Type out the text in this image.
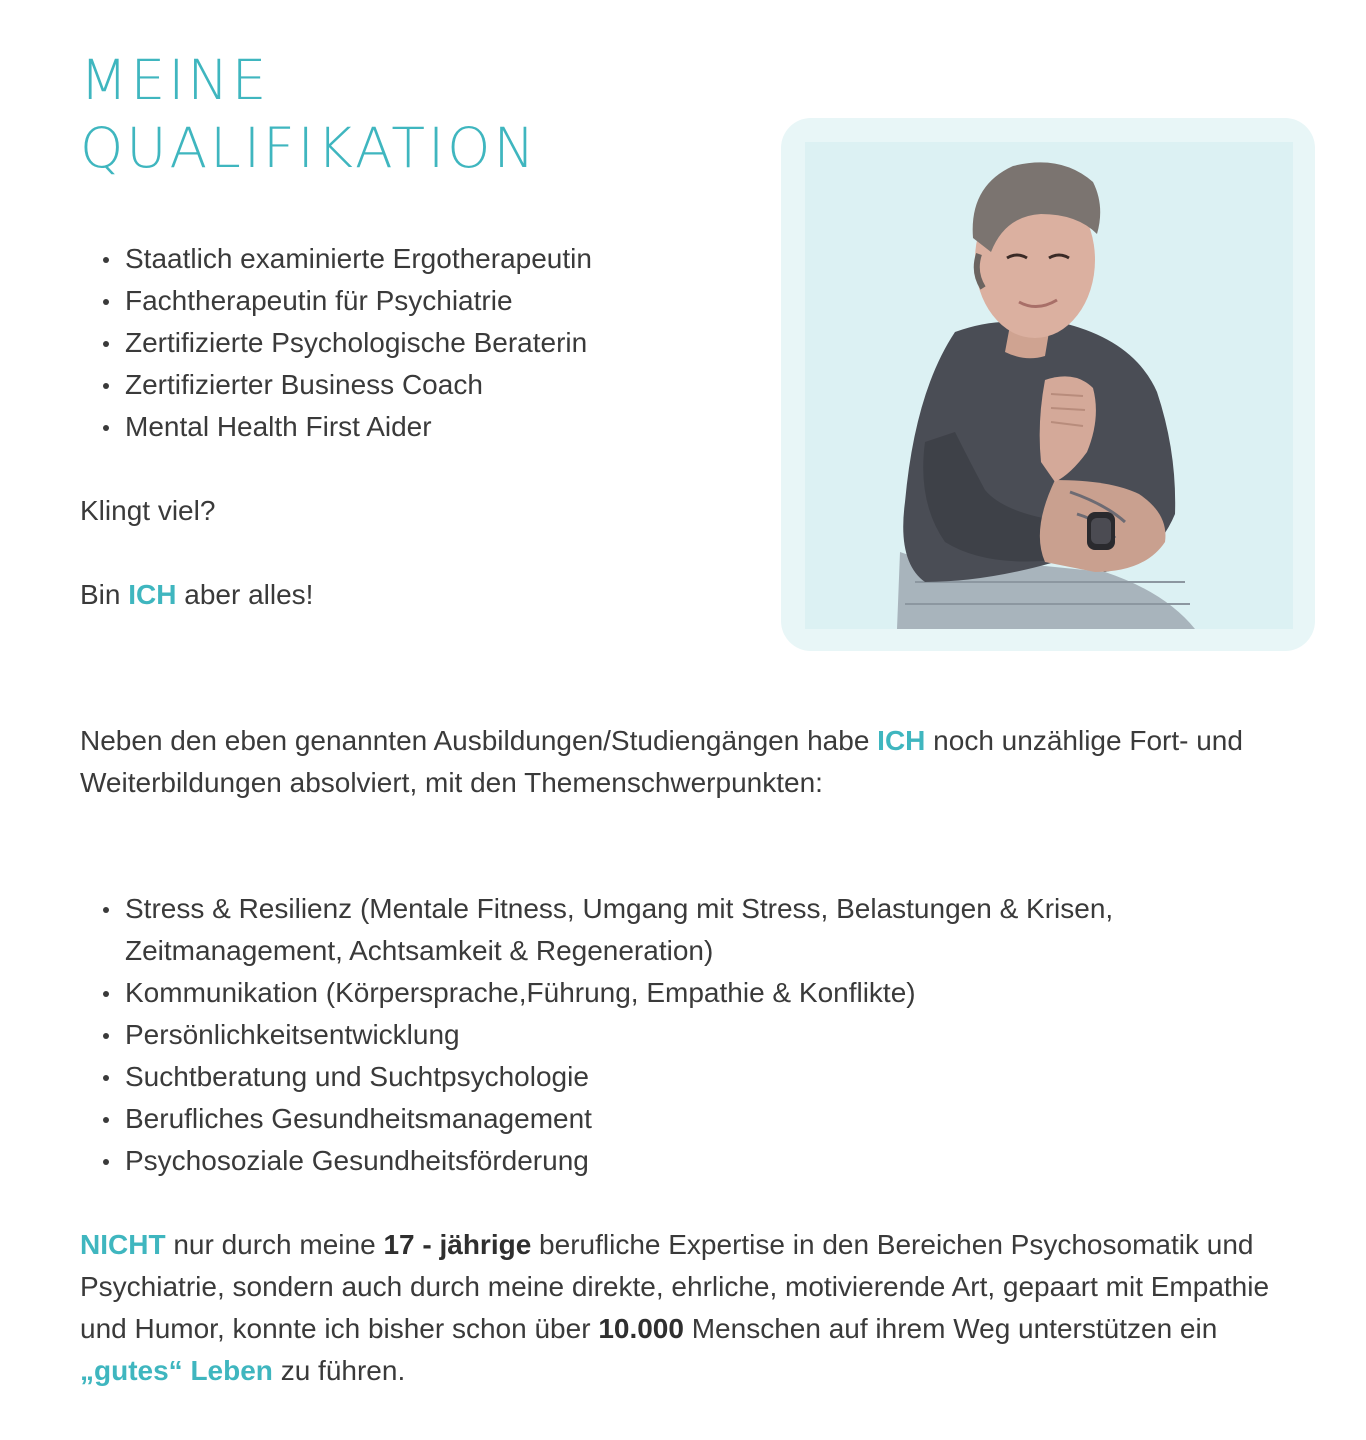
MEINE
QUALIFIKATION
Staatlich examinierte Ergotherapeutin
Fachtherapeutin für Psychiatrie
Zertifizierte Psychologische Beraterin
Zertifizierter Business Coach
Mental Health First Aider

Klingt viel?

Bin ICH aber alles!

Neben den eben genannten Ausbildungen/Studiengängen habe ICH noch unzählige Fort- und Weiterbildungen absolviert, mit den Themenschwerpunkten:

Stress & Resilienz (Mentale Fitness, Umgang mit Stress, Belastungen & Krisen, Zeitmanagement, Achtsamkeit & Regeneration)
Kommunikation (Körpersprache,Führung, Empathie & Konflikte)
Persönlichkeitsentwicklung
Suchtberatung und Suchtpsychologie
Berufliches Gesundheitsmanagement
Psychosoziale Gesundheitsförderung

NICHT nur durch meine 17 - jährige berufliche Expertise in den Bereichen Psychosomatik und Psychiatrie, sondern auch durch meine direkte, ehrliche, motivierende Art, gepaart mit Empathie und Humor, konnte ich bisher schon über 10.000 Menschen auf ihrem Weg unterstützen ein „gutes“ Leben zu führen.
